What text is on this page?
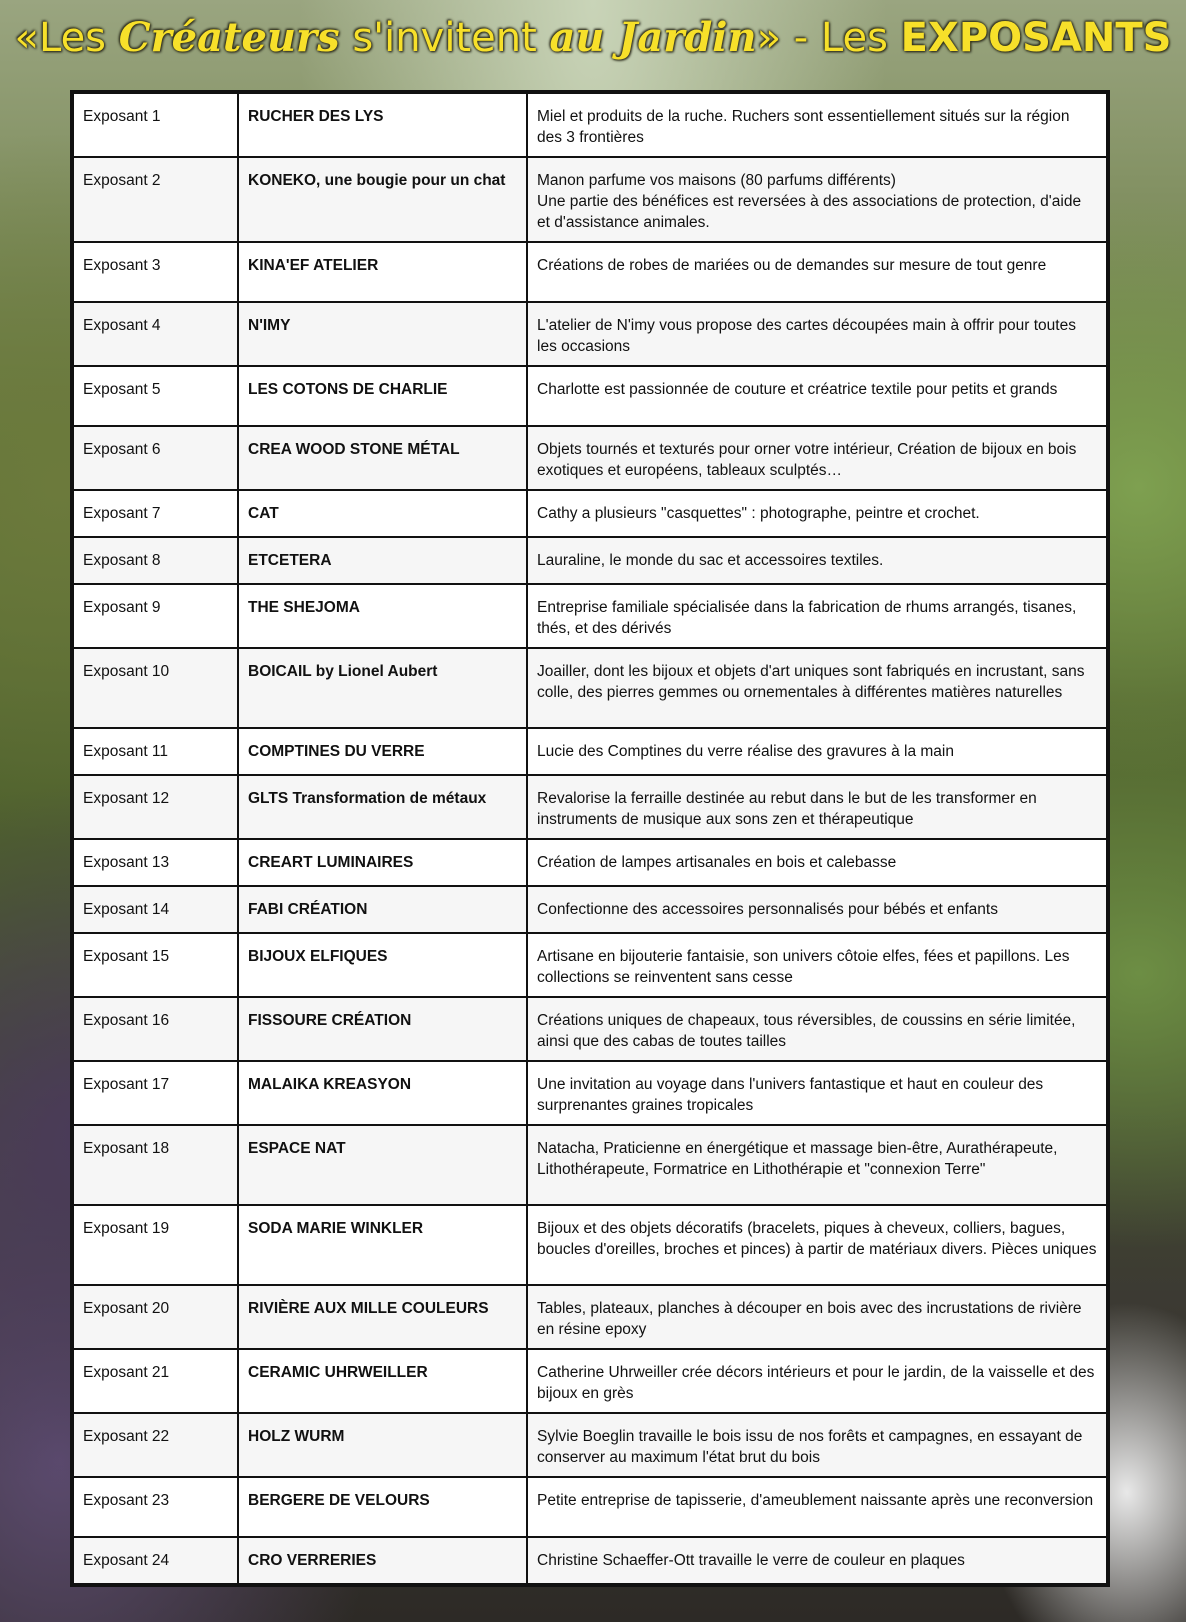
«Les Créateurs s'invitent au Jardin» - Les EXPOSANTS
Exposant 1	RUCHER DES LYS	Miel et produits de la ruche. Ruchers sont essentiellement situés sur la région des 3 frontières
Exposant 2	KONEKO, une bougie pour un chat	Manon parfume vos maisons (80 parfums différents)
Une partie des bénéfices est reversées à des associations de protection, d'aide et d'assistance animales.
Exposant 3	KINA'EF ATELIER	Créations de robes de mariées ou de demandes sur mesure de tout genre
Exposant 4	N'IMY	L'atelier de N'imy vous propose des cartes découpées main à offrir pour toutes les occasions
Exposant 5	LES COTONS DE CHARLIE	Charlotte est passionnée de couture et créatrice textile pour petits et grands
Exposant 6	CREA WOOD STONE MÉTAL	Objets tournés et texturés pour orner votre intérieur, Création de bijoux en bois exotiques et européens, tableaux sculptés…
Exposant 7	CAT	Cathy a plusieurs "casquettes" : photographe, peintre et crochet.
Exposant 8	ETCETERA	Lauraline, le monde du sac et accessoires textiles.
Exposant 9	THE SHEJOMA	Entreprise familiale spécialisée dans la fabrication de rhums arrangés, tisanes, thés, et des dérivés
Exposant 10	BOICAIL by Lionel Aubert	Joailler, dont les bijoux et objets d'art uniques sont fabriqués en incrustant, sans colle, des pierres gemmes ou ornementales à différentes matières naturelles
Exposant 11	COMPTINES DU VERRE	Lucie des Comptines du verre réalise des gravures à la main
Exposant 12	GLTS Transformation de métaux	Revalorise la ferraille destinée au rebut dans le but de les transformer en instruments de musique aux sons zen et thérapeutique
Exposant 13	CREART LUMINAIRES	Création de lampes artisanales en bois et calebasse
Exposant 14	FABI CRÉATION	Confectionne des accessoires personnalisés pour bébés et enfants
Exposant 15	BIJOUX ELFIQUES	Artisane en bijouterie fantaisie, son univers côtoie elfes, fées et papillons. Les collections se reinventent sans cesse
Exposant 16	FISSOURE CRÉATION	Créations uniques de chapeaux, tous réversibles, de coussins en série limitée, ainsi que des cabas de toutes tailles
Exposant 17	MALAIKA KREASYON	Une invitation au voyage dans l'univers fantastique et haut en couleur des surprenantes graines tropicales
Exposant 18	ESPACE NAT	Natacha, Praticienne en énergétique et massage bien-être, Aurathérapeute, Lithothérapeute, Formatrice en Lithothérapie et "connexion Terre"
Exposant 19	SODA MARIE WINKLER	Bijoux et des objets décoratifs (bracelets, piques à cheveux, colliers, bagues, boucles d'oreilles, broches et pinces) à partir de matériaux divers. Pièces uniques
Exposant 20	RIVIÈRE AUX MILLE COULEURS	Tables, plateaux, planches à découper en bois avec des incrustations de rivière en résine epoxy
Exposant 21	CERAMIC UHRWEILLER	Catherine Uhrweiller crée décors intérieurs et pour le jardin, de la vaisselle et des bijoux en grès
Exposant 22	HOLZ WURM	Sylvie Boeglin travaille le bois issu de nos forêts et campagnes, en essayant de conserver au maximum l'état brut du bois
Exposant 23	BERGERE DE VELOURS	Petite entreprise de tapisserie, d'ameublement naissante après une reconversion
Exposant 24	CRO VERRERIES	Christine Schaeffer-Ott travaille le verre de couleur en plaques
